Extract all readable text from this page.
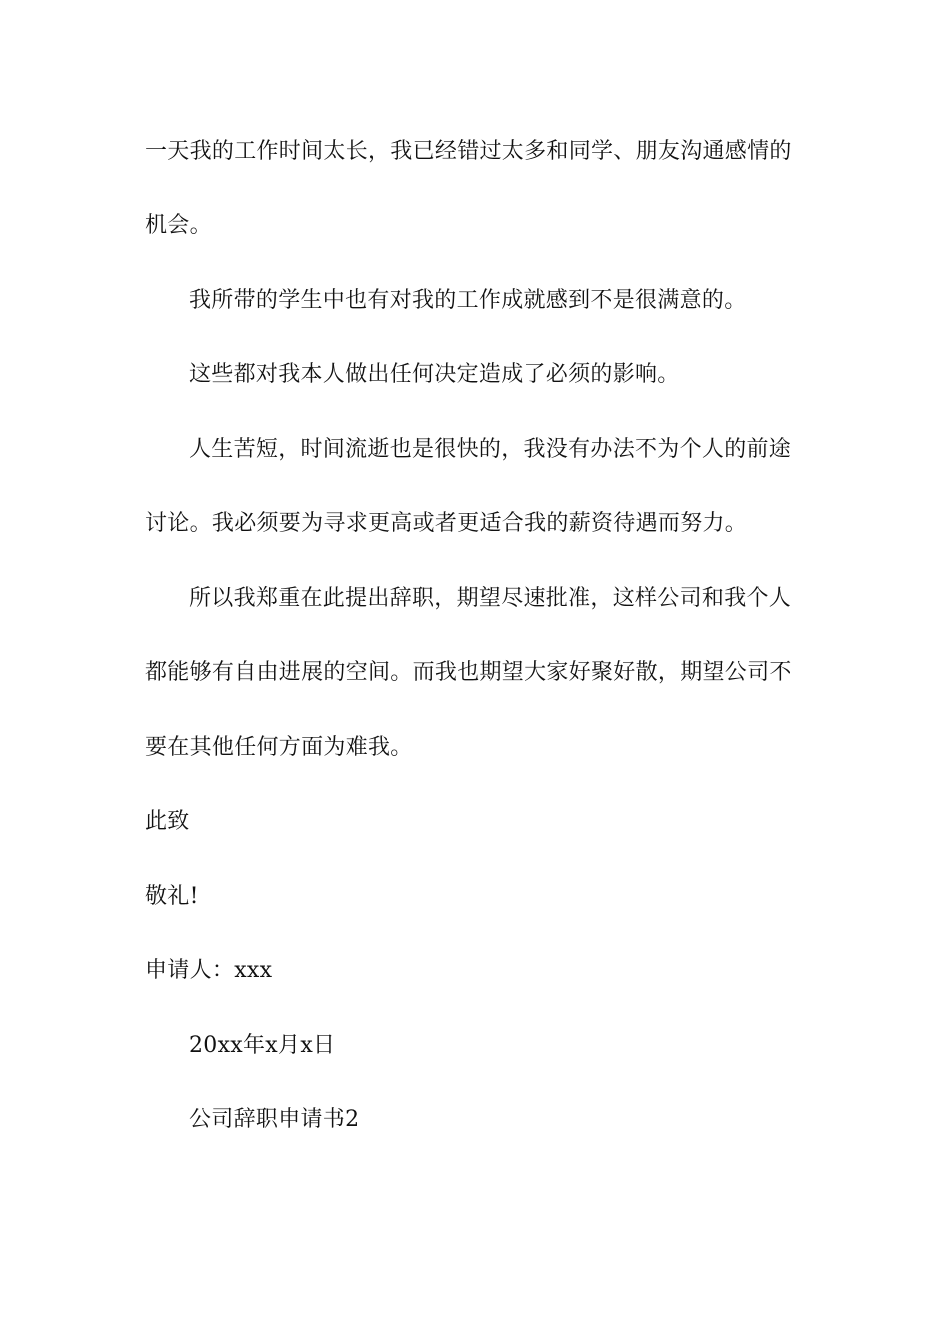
一天我的工作时间太长，我已经错过太多和同学、朋友沟通感情的
机会。
我所带的学生中也有对我的工作成就感到不是很满意的。
这些都对我本人做出任何决定造成了必须的影响。
人生苦短，时间流逝也是很快的，我没有办法不为个人的前途
讨论。我必须要为寻求更高或者更适合我的薪资待遇而努力。
所以我郑重在此提出辞职，期望尽速批准，这样公司和我个人
都能够有自由进展的空间。而我也期望大家好聚好散，期望公司不
要在其他任何方面为难我。
此致
敬礼!
申请人：xxx
20xx年x月x日
公司辞职申请书2
